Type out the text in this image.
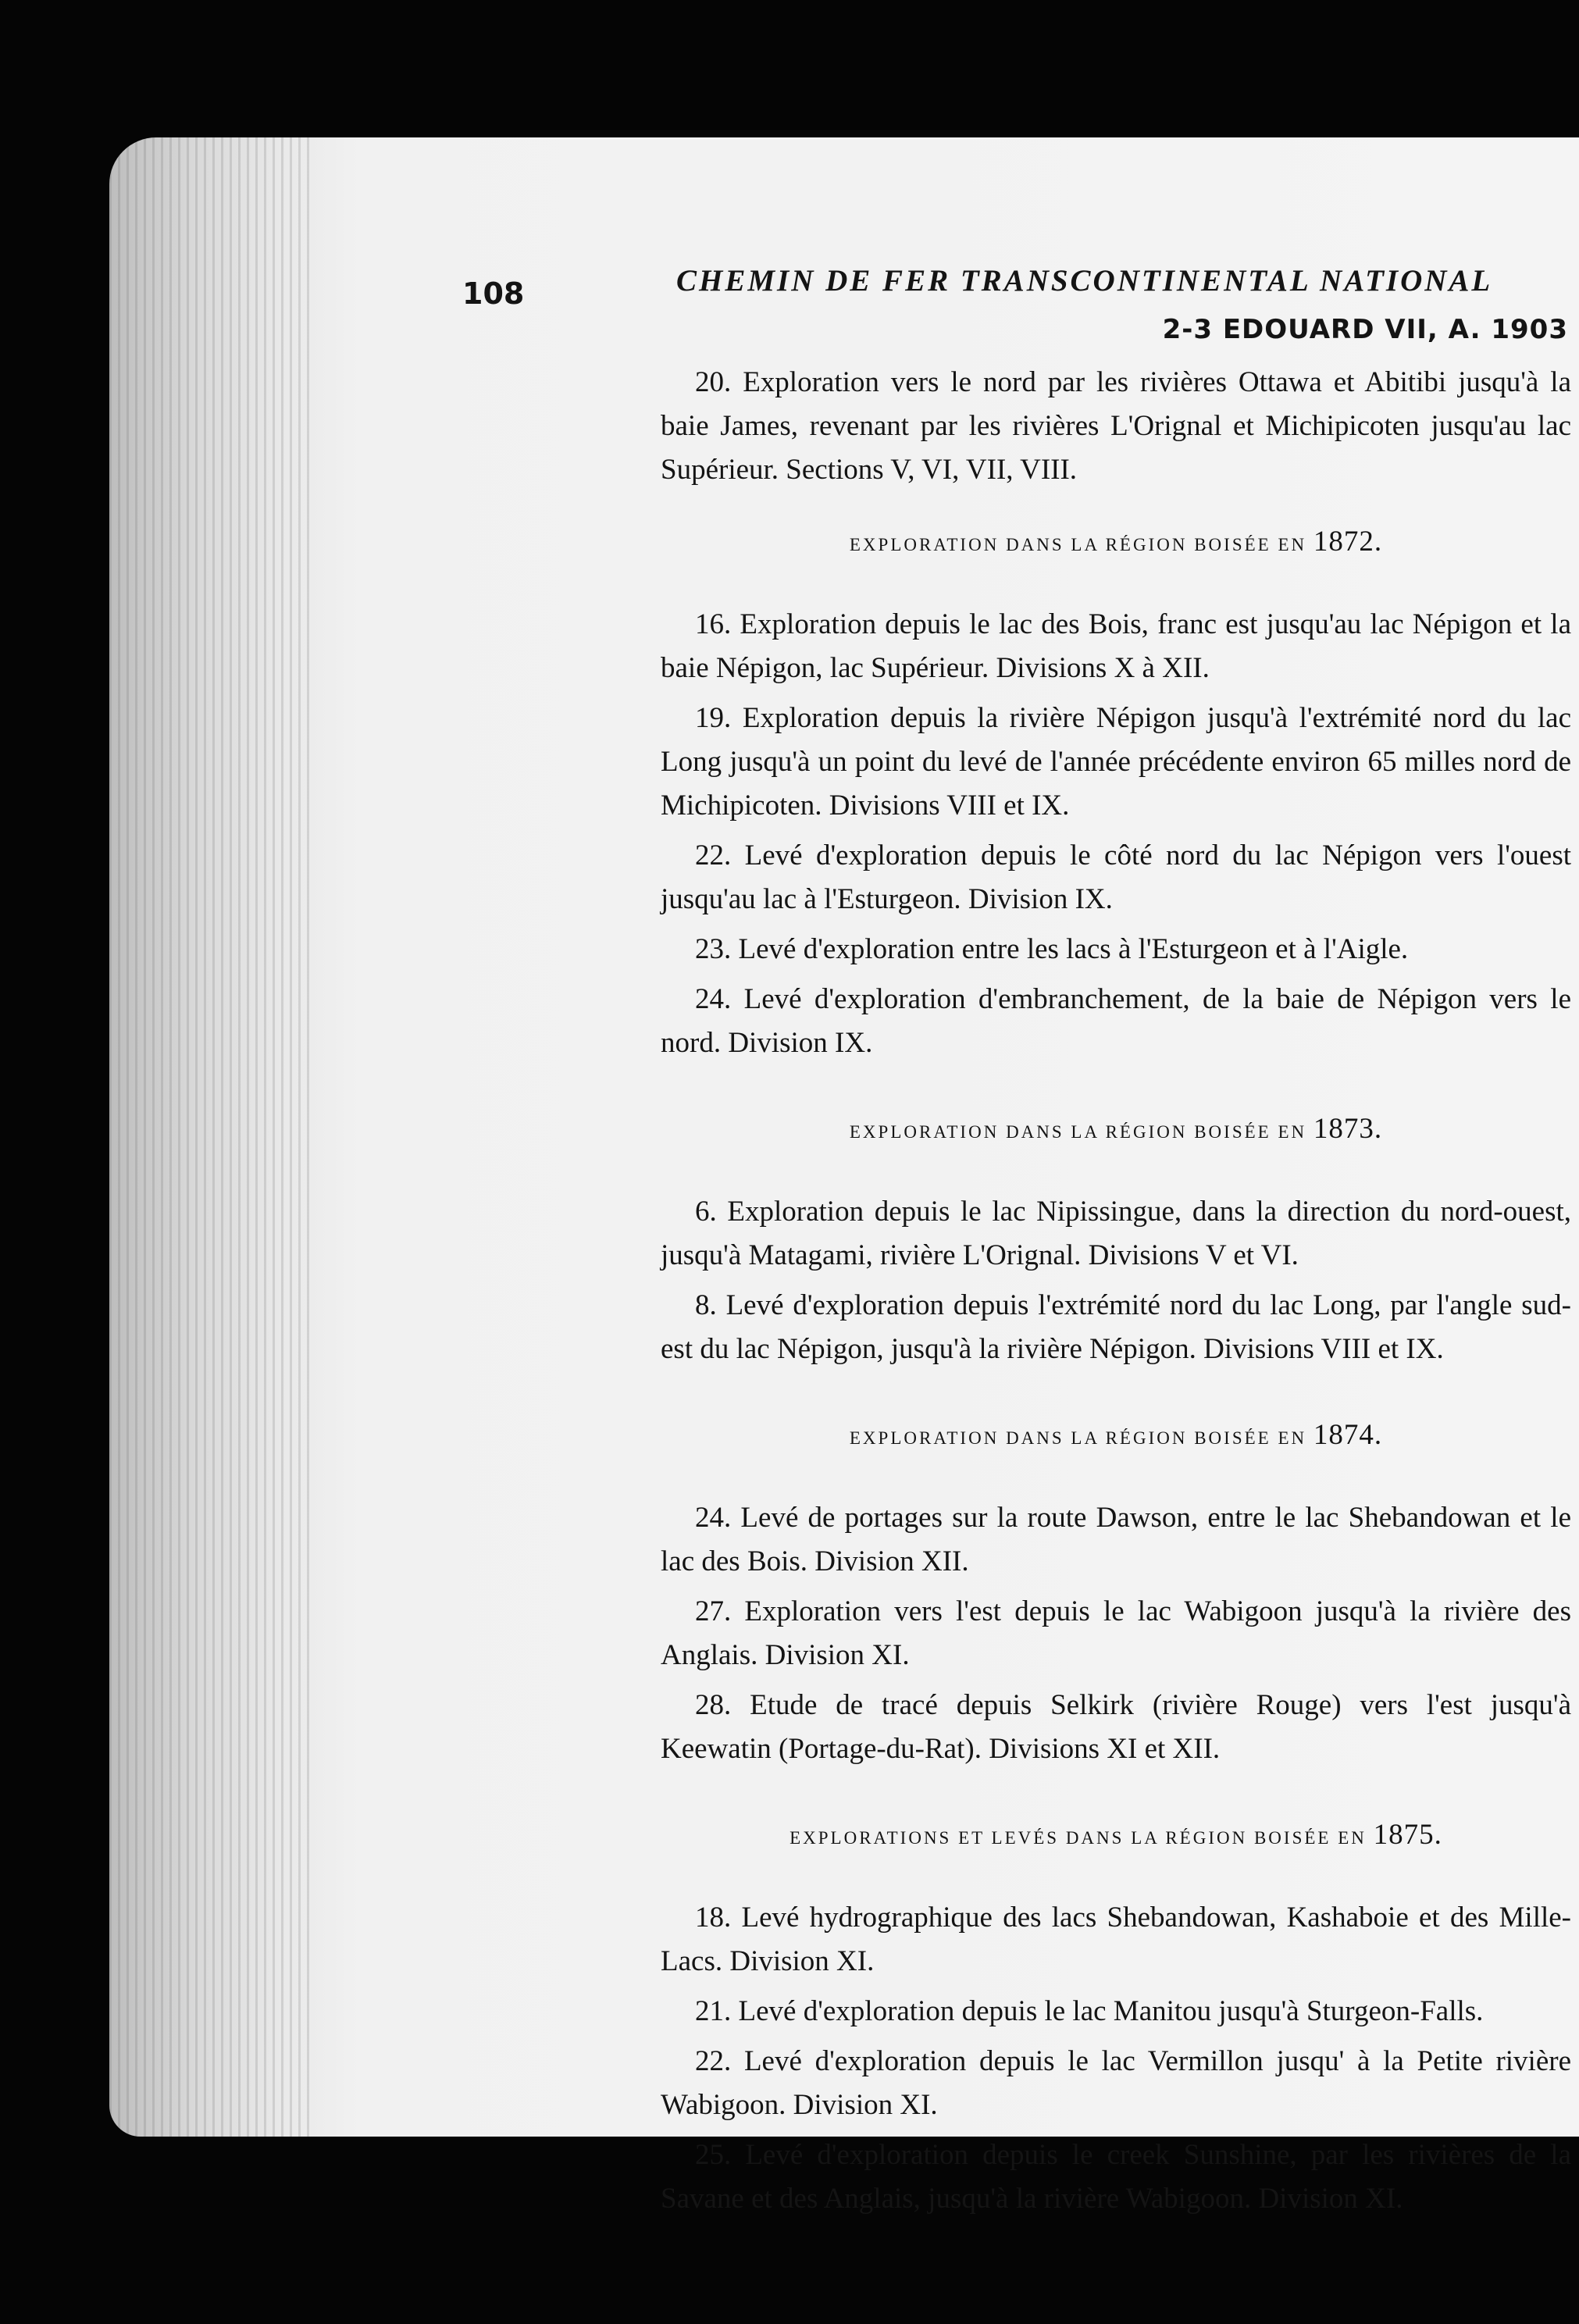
108	CHEMIN DE FER TRANSCONTINENTAL NATIONAL
2-3 EDOUARD VII, A. 1903

20. Exploration vers le nord par les rivières Ottawa et Abitibi jusqu'à la baie James, revenant par les rivières L'Orignal et Michipicoten jusqu'au lac Supérieur. Sections V, VI, VII, VIII.

EXPLORATION DANS LA RÉGION BOISÉE EN 1872.

16. Exploration depuis le lac des Bois, franc est jusqu'au lac Népigon et la baie Népigon, lac Supérieur. Divisions X à XII.

19. Exploration depuis la rivière Népigon jusqu'à l'extrémité nord du lac Long jusqu'à un point du levé de l'année précédente environ 65 milles nord de Michipicoten. Divisions VIII et IX.

22. Levé d'exploration depuis le côté nord du lac Népigon vers l'ouest jusqu'au lac à l'Esturgeon. Division IX.

23. Levé d'exploration entre les lacs à l'Esturgeon et à l'Aigle.

24. Levé d'exploration d'embranchement, de la baie de Népigon vers le nord. Division IX.

EXPLORATION DANS LA RÉGION BOISÉE EN 1873.

6. Exploration depuis le lac Nipissingue, dans la direction du nord-ouest, jusqu'à Matagami, rivière L'Orignal. Divisions V et VI.

8. Levé d'exploration depuis l'extrémité nord du lac Long, par l'angle sud-est du lac Népigon, jusqu'à la rivière Népigon. Divisions VIII et IX.

EXPLORATION DANS LA RÉGION BOISÉE EN 1874.

24. Levé de portages sur la route Dawson, entre le lac Shebandowan et le lac des Bois. Division XII.

27. Exploration vers l'est depuis le lac Wabigoon jusqu'à la rivière des Anglais. Division XI.

28. Etude de tracé depuis Selkirk (rivière Rouge) vers l'est jusqu'à Keewatin (Portage-du-Rat). Divisions XI et XII.

EXPLORATIONS ET LEVÉS DANS LA RÉGION BOISÉE EN 1875.

18. Levé hydrographique des lacs Shebandowan, Kashaboie et des Mille-Lacs. Division XI.

21. Levé d'exploration depuis le lac Manitou jusqu'à Sturgeon-Falls.

22. Levé d'exploration depuis le lac Vermillon jusqu' à la Petite rivière Wabigoon. Division XI.

25. Levé d'exploration depuis le creek Sunshine, par les rivières de la Savane et des Anglais, jusqu'à la rivière Wabigoon. Division XI.
